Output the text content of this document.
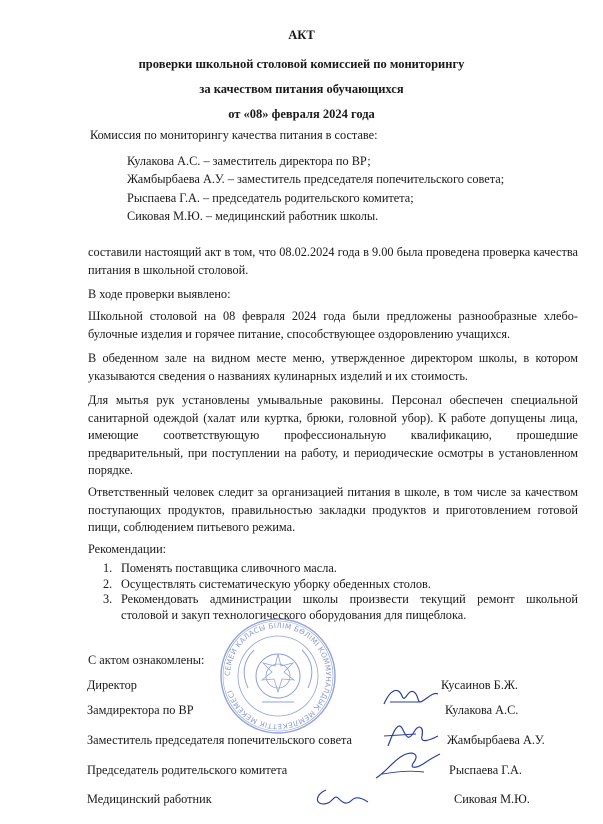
АКТ
проверки школьной столовой комиссией по мониторингу
за качеством питания обучающихся
от «08» февраля 2024 года
Комиссия по мониторингу качества питания в составе:
Кулакова А.С. – заместитель директора по ВР;
Жамбырбаева А.У. – заместитель председателя попечительского совета;
Рыспаева Г.А. – председатель родительского комитета;
Сиковая М.Ю. – медицинский работник школы.
составили настоящий акт в том, что 08.02.2024 года в 9.00 была проведена проверка качества питания в школьной столовой.
В ходе проверки выявлено:
Школьной столовой на 08 февраля 2024 года были предложены разнообразные хлебо-булочные изделия и горячее питание, способствующее оздоровлению учащихся.
В обеденном зале на видном месте меню, утвержденное директором школы, в котором указываются сведения о названиях кулинарных изделий и их стоимость.
Для мытья рук установлены умывальные раковины. Персонал обеспечен специальной санитарной одеждой (халат или куртка, брюки, головной убор). К работе допущены лица, имеющие соответствующую профессиональную квалификацию, прошедшие предварительный, при поступлении на работу, и периодические осмотры в установленном порядке.
Ответственный человек следит за организацией питания в школе, в том числе за качеством поступающих продуктов, правильностью закладки продуктов и приготовлением готовой пищи, соблюдением питьевого режима.
Рекомендации:
1. Поменять поставщика сливочного масла.
2. Осуществлять систематическую уборку обеденных столов.
3. Рекомендовать администрации школы произвести текущий ремонт школьной столовой и закуп технологического оборудования для пищеблока.
СЕМЕЙ КАЛАСЫ БІЛІМ БӨЛІМІ КОММУНАЛДЫҚ МЕМЛЕКЕТТІК МЕКЕМЕСІ
С актом ознакомлены:
Директор	Кусаинов Б.Ж.
Замдиректора по ВР	Кулакова А.С.
Заместитель председателя попечительского совета	Жамбырбаева А.У.
Председатель родительского комитета	Рыспаева Г.А.
Медицинский работник	Сиковая М.Ю.
